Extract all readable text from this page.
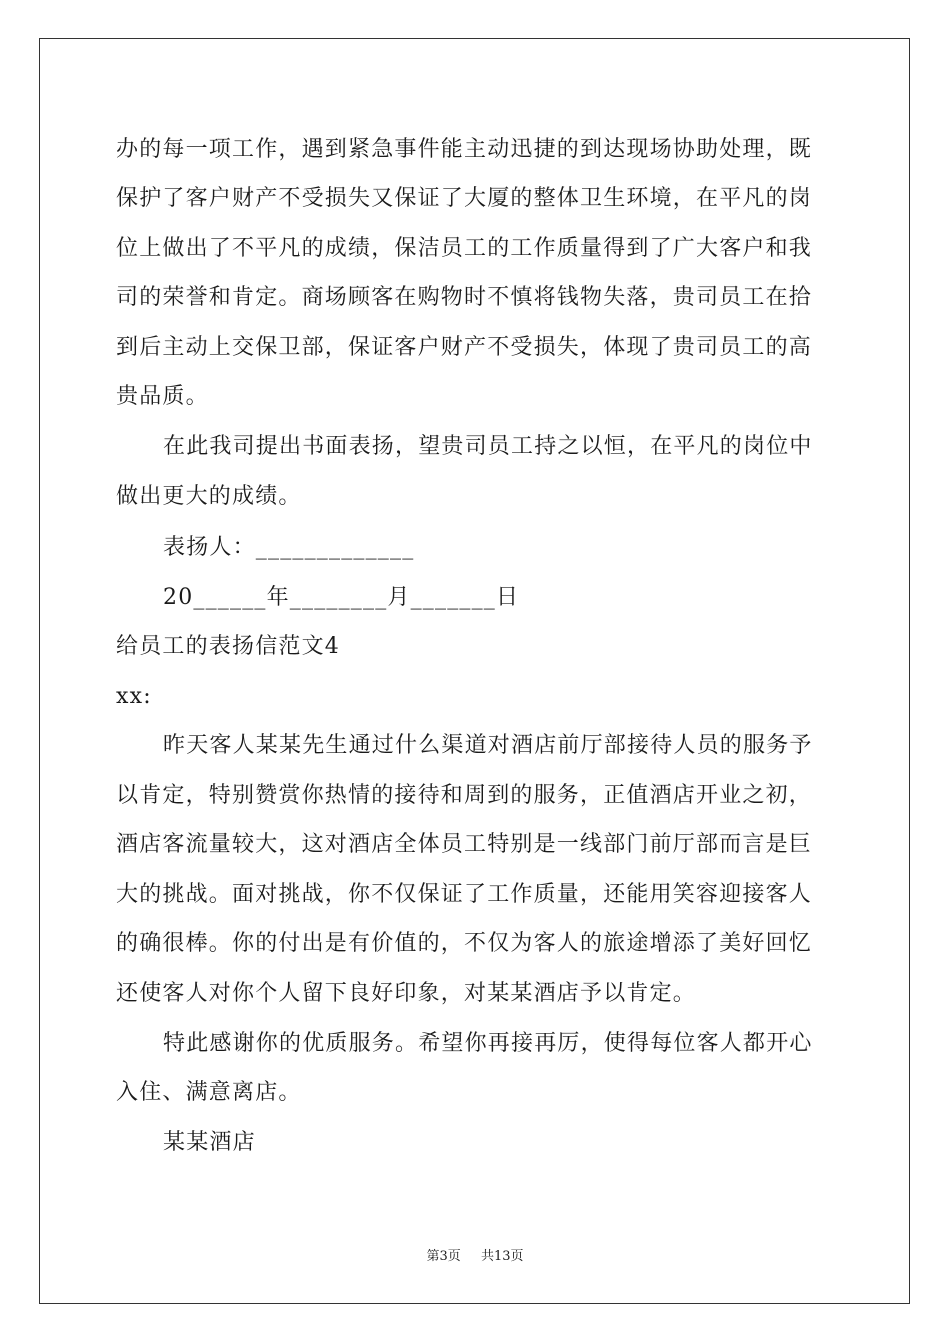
办的每一项工作，遇到紧急事件能主动迅捷的到达现场协助处理，既
保护了客户财产不受损失又保证了大厦的整体卫生环境，在平凡的岗
位上做出了不平凡的成绩，保洁员工的工作质量得到了广大客户和我
司的荣誉和肯定。商场顾客在购物时不慎将钱物失落，贵司员工在拾
到后主动上交保卫部，保证客户财产不受损失，体现了贵司员工的高
贵品质。
在此我司提出书面表扬，望贵司员工持之以恒，在平凡的岗位中
做出更大的成绩。
表扬人：_____________
20______年________月_______日
给员工的表扬信范文4
xx:
昨天客人某某先生通过什么渠道对酒店前厅部接待人员的服务予
以肯定，特别赞赏你热情的接待和周到的服务，正值酒店开业之初，
酒店客流量较大，这对酒店全体员工特别是一线部门前厅部而言是巨
大的挑战。面对挑战，你不仅保证了工作质量，还能用笑容迎接客人
的确很棒。你的付出是有价值的，不仅为客人的旅途增添了美好回忆
还使客人对你个人留下良好印象，对某某酒店予以肯定。
特此感谢你的优质服务。希望你再接再厉，使得每位客人都开心
入住、满意离店。
某某酒店
第3页 共13页
